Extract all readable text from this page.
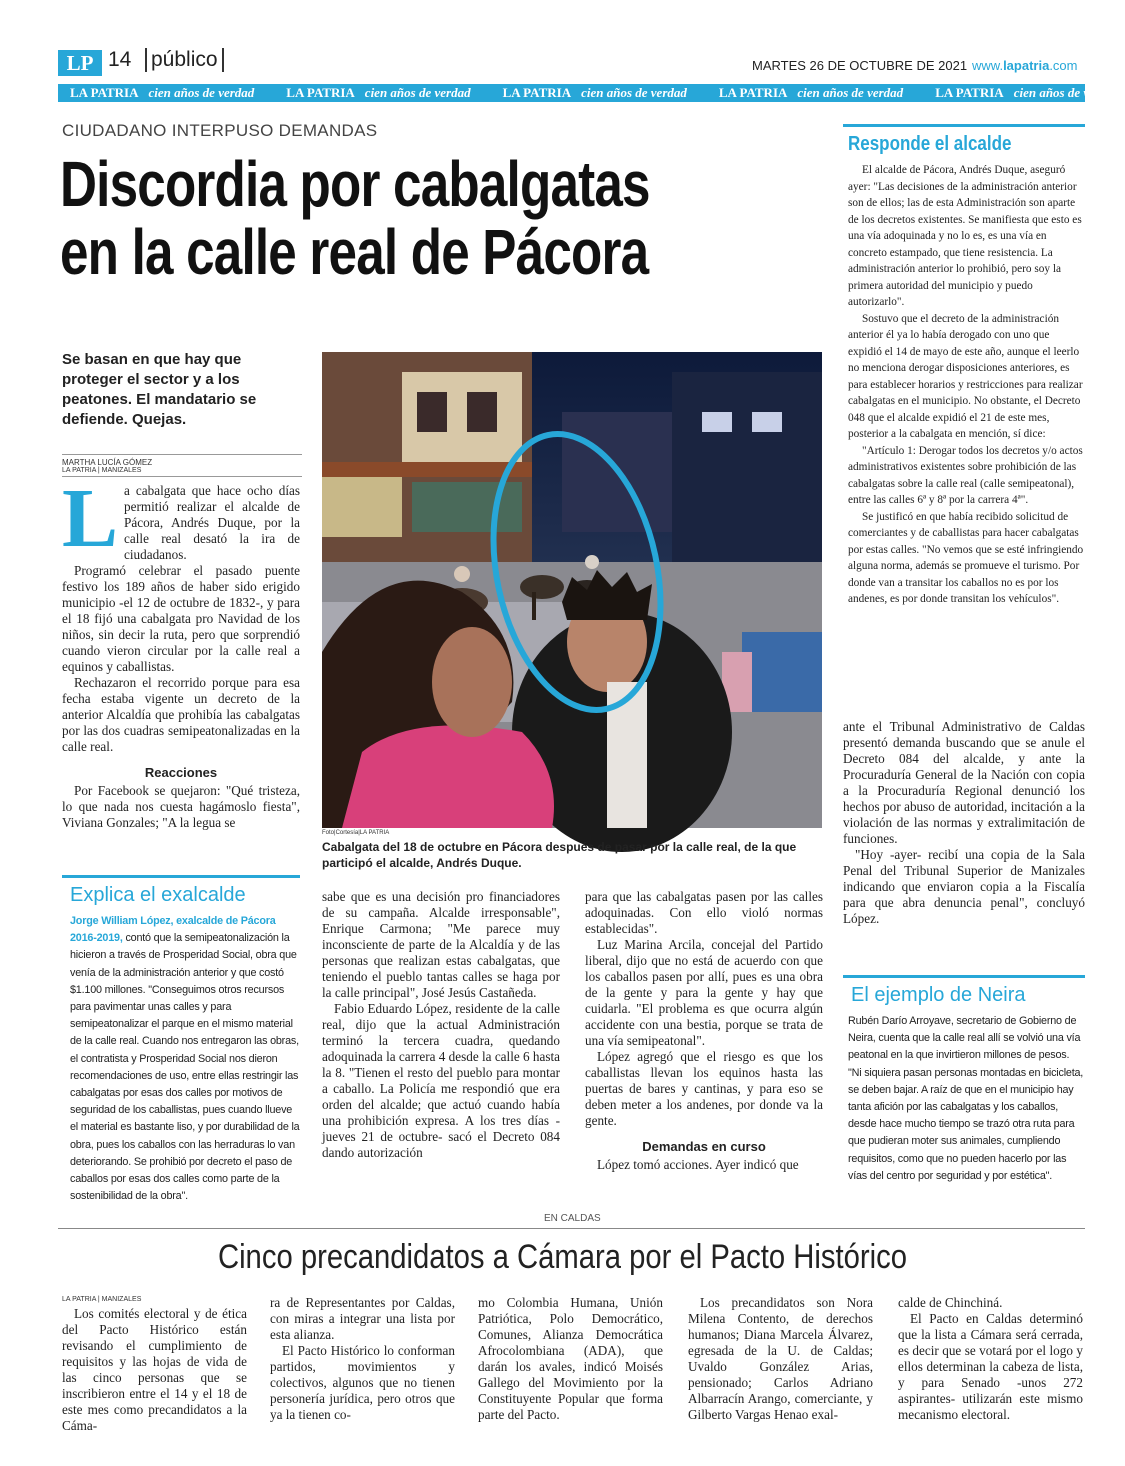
LP 14 público	MARTES 26 DE OCTUBRE DE 2021 www.lapatria.com
LA PATRIA cien años de verdad LA PATRIA cien años de verdad LA PATRIA cien años de verdad LA PATRIA cien años de verdad LA PATRIA cien años de verdad
CIUDADANO INTERPUSO DEMANDAS
Discordia por cabalgatas
en la calle real de Pácora
Se basan en que hay que proteger el sector y a los peatones. El mandatario se defiende. Quejas.
MARTHA LUCÍA GÓMEZ
LA PATRIA | MANIZALES
L a cabalgata que hace ocho días permitió realizar el alcalde de Pácora, Andrés Duque, por la calle real desató la ira de ciudadanos.

Programó celebrar el pasado puente festivo los 189 años de haber sido erigido municipio -el 12 de octubre de 1832-, y para el 18 fijó una cabalgata pro Navidad de los niños, sin decir la ruta, pero que sorprendió cuando vieron circular por la calle real a equinos y caballistas.

Rechazaron el recorrido porque para esa fecha estaba vigente un decreto de la anterior Alcaldía que prohibía las cabalgatas por las dos cuadras semipeatonalizadas en la calle real.

Reacciones

Por Facebook se quejaron: "Qué tristeza, lo que nada nos cuesta hagámoslo fiesta", Viviana Gonzales; "A la legua se

Foto|Cortesía|LA PATRIA
Cabalgata del 18 de octubre en Pácora después de pasar por la calle real, de la que participó el alcalde, Andrés Duque.
Responde el alcalde

El alcalde de Pácora, Andrés Duque, aseguró ayer: "Las decisiones de la administración anterior son de ellos; las de esta Administración son aparte de los decretos existentes. Se manifiesta que esto es una vía adoquinada y no lo es, es una vía en concreto estampado, que tiene resistencia. La administración anterior lo prohibió, pero soy la primera autoridad del municipio y puedo autorizarlo".

Sostuvo que el decreto de la administración anterior él ya lo había derogado con uno que expidió el 14 de mayo de este año, aunque el leerlo no menciona derogar disposiciones anteriores, es para establecer horarios y restricciones para realizar cabalgatas en el municipio. No obstante, el Decreto 048 que el alcalde expidió el 21 de este mes, posterior a la cabalgata en mención, sí dice:

"Artículo 1: Derogar todos los decretos y/o actos administrativos existentes sobre prohibición de las cabalgatas sobre la calle real (calle semipeatonal), entre las calles 6ª y 8ª por la carrera 4ª".

Se justificó en que había recibido solicitud de comerciantes y de caballistas para hacer cabalgatas por estas calles. "No vemos que se esté infringiendo alguna norma, además se promueve el turismo. Por donde van a transitar los caballos no es por los andenes, es por donde transitan los vehículos".

ante el Tribunal Administrativo de Caldas presentó demanda buscando que se anule el Decreto 084 del alcalde, y ante la Procuraduría General de la Nación con copia a la Procuraduría Regional denunció los hechos por abuso de autoridad, incitación a la violación de las normas y extralimitación de funciones.

"Hoy -ayer- recibí una copia de la Sala Penal del Tribunal Superior de Manizales indicando que enviaron copia a la Fiscalía para que abra denuncia penal", concluyó López.

Explica el exalcalde
Jorge William López, exalcalde de Pácora 2016-2019, contó que la semipeatonalización la hicieron a través de Prosperidad Social, obra que venía de la administración anterior y que costó $1.100 millones. "Conseguimos otros recursos para pavimentar unas calles y para semipeatonalizar el parque en el mismo material de la calle real. Cuando nos entregaron las obras, el contratista y Prosperidad Social nos dieron recomendaciones de uso, entre ellas restringir las cabalgatas por esas dos calles por motivos de seguridad de los caballistas, pues cuando llueve el material es bastante liso, y por durabilidad de la obra, pues los caballos con las herraduras lo van deteriorando. Se prohibió por decreto el paso de caballos por esas dos calles como parte de la sostenibilidad de la obra".

sabe que es una decisión pro financiadores de su campaña. Alcalde irresponsable", Enrique Carmona; "Me parece muy inconsciente de parte de la Alcaldía y de las personas que realizan estas cabalgatas, que teniendo el pueblo tantas calles se haga por la calle principal", José Jesús Castañeda.

Fabio Eduardo López, residente de la calle real, dijo que la actual Administración terminó la tercera cuadra, quedando adoquinada la carrera 4 desde la calle 6 hasta la 8. "Tienen el resto del pueblo para montar a caballo. La Policía me respondió que era orden del alcalde; que actuó cuando había una prohibición expresa. A los tres días -jueves 21 de octubre- sacó el Decreto 084 dando autorización

para que las cabalgatas pasen por las calles adoquinadas. Con ello violó normas establecidas".

Luz Marina Arcila, concejal del Partido liberal, dijo que no está de acuerdo con que los caballos pasen por allí, pues es una obra de la gente y para la gente y hay que cuidarla. "El problema es que ocurra algún accidente con una bestia, porque se trata de una vía semipeatonal".

López agregó que el riesgo es que los caballistas llevan los equinos hasta las puertas de bares y cantinas, y para eso se deben meter a los andenes, por donde va la gente.

Demandas en curso

López tomó acciones. Ayer indicó que

El ejemplo de Neira
Rubén Darío Arroyave, secretario de Gobierno de Neira, cuenta que la calle real allí se volvió una vía peatonal en la que invirtieron millones de pesos. "Ni siquiera pasan personas montadas en bicicleta, se deben bajar. A raíz de que en el municipio hay tanta afición por las cabalgatas y los caballos, desde hace mucho tiempo se trazó otra ruta para que pudieran moter sus animales, cumpliendo requisitos, como que no pueden hacerlo por las vías del centro por seguridad y por estética".
EN CALDAS
Cinco precandidatos a Cámara por el Pacto Histórico
LA PATRIA | MANIZALES

Los comités electoral y de ética del Pacto Histórico están revisando el cumplimiento de requisitos y las hojas de vida de las cinco personas que se inscribieron entre el 14 y el 18 de este mes como precandidatos a la Cáma-

ra de Representantes por Caldas, con miras a integrar una lista por esta alianza.

El Pacto Histórico lo conforman partidos, movimientos y colectivos, algunos que no tienen personería jurídica, pero otros que ya la tienen co-

mo Colombia Humana, Unión Patriótica, Polo Democrático, Comunes, Alianza Democrática Afrocolombiana (ADA), que darán los avales, indicó Moisés Gallego del Movimiento por la Constituyente Popular que forma parte del Pacto.

Los precandidatos son Nora Milena Contento, de derechos humanos; Diana Marcela Álvarez, egresada de la U. de Caldas; Uvaldo González Arias, pensionado; Carlos Adriano Albarracín Arango, comerciante, y Gilberto Vargas Henao exal-

calde de Chinchiná.

El Pacto en Caldas determinó que la lista a Cámara será cerrada, es decir que se votará por el logo y ellos determinan la cabeza de lista, y para Senado -unos 272 aspirantes- utilizarán este mismo mecanismo electoral.
